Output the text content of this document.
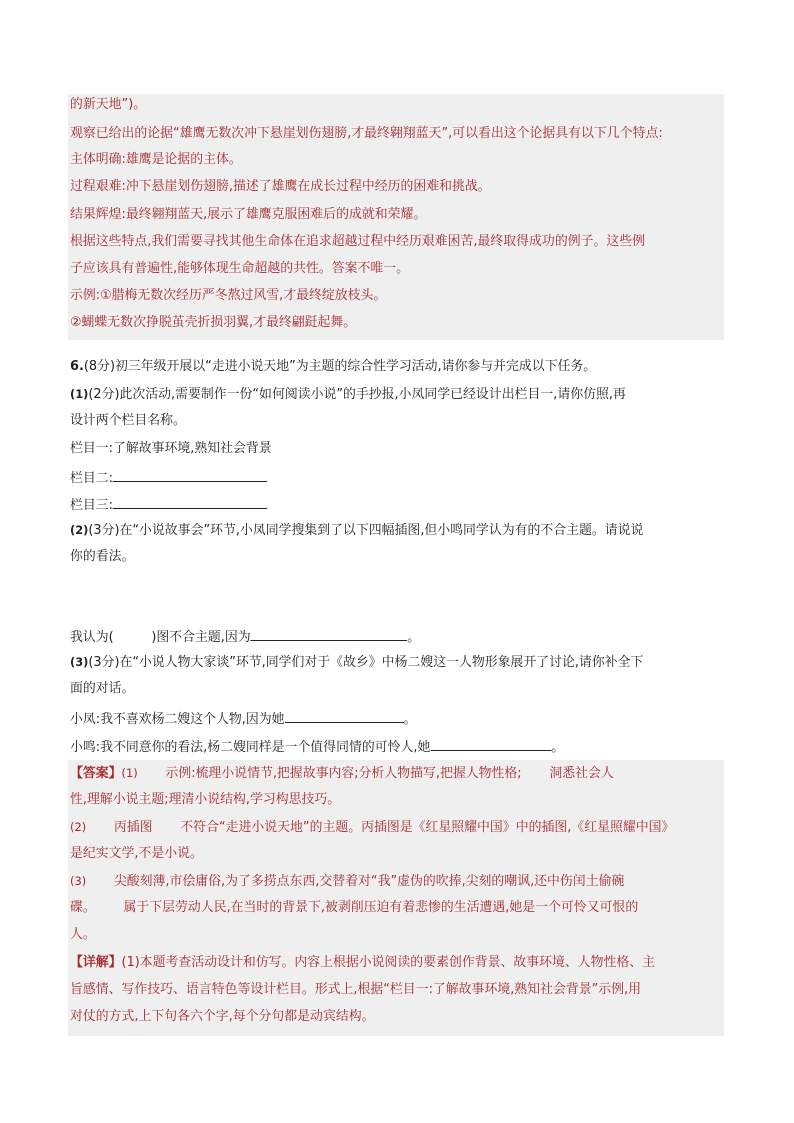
的新天地”)。
观察已给出的论据“雄鹰无数次冲下悬崖划伤翅膀,才最终翱翔蓝天”,可以看出这个论据具有以下几个特点:
主体明确:雄鹰是论据的主体。
过程艰难:冲下悬崖划伤翅膀,描述了雄鹰在成长过程中经历的困难和挑战。
结果辉煌:最终翱翔蓝天,展示了雄鹰克服困难后的成就和荣耀。
根据这些特点,我们需要寻找其他生命体在追求超越过程中经历艰难困苦,最终取得成功的例子。这些例
子应该具有普遍性,能够体现生命超越的共性。答案不唯一。
示例:①腊梅无数次经历严冬熬过风雪,才最终绽放枝头。
②蝴蝶无数次挣脱茧壳折损羽翼,才最终翩跹起舞。
6.(8分)初三年级开展以“走进小说天地”为主题的综合性学习活动,请你参与并完成以下任务。
(1)(2分)此次活动,需要制作一份“如何阅读小说”的手抄报,小凤同学已经设计出栏目一,请你仿照,再
设计两个栏目名称。
栏目一:了解故事环境,熟知社会背景
栏目二:
栏目三:
(2)(3分)在“小说故事会”环节,小凤同学搜集到了以下四幅插图,但小鸣同学认为有的不合主题。请说说
你的看法。
我认为(	)图不合主题,因为	。
(3)(3分)在“小说人物大家谈”环节,同学们对于《故乡》中杨二嫂这一人物形象展开了讨论,请你补全下
面的对话。
小凤:我不喜欢杨二嫂这个人物,因为她	。
小鸣:我不同意你的看法,杨二嫂同样是一个值得同情的可怜人,她	。
【答案】(1) 示例:梳理小说情节,把握故事内容;分析人物描写,把握人物性格; 洞悉社会人
性,理解小说主题;理清小说结构,学习构思技巧。
(2) 丙插图 不符合“走进小说天地”的主题。丙插图是《红星照耀中国》中的插图,《红星照耀中国》
是纪实文学,不是小说。
(3) 尖酸刻薄,市侩庸俗,为了多捞点东西,交替着对“我”虚伪的吹捧,尖刻的嘲讽,还中伤闰土偷碗
碟。 属于下层劳动人民,在当时的背景下,被剥削压迫有着悲惨的生活遭遇,她是一个可怜又可恨的
人。
【详解】(1)本题考查活动设计和仿写。内容上根据小说阅读的要素创作背景、故事环境、人物性格、主
旨感情、写作技巧、语言特色等设计栏目。形式上,根据“栏目一:了解故事环境,熟知社会背景”示例,用
对仗的方式,上下句各六个字,每个分句都是动宾结构。
